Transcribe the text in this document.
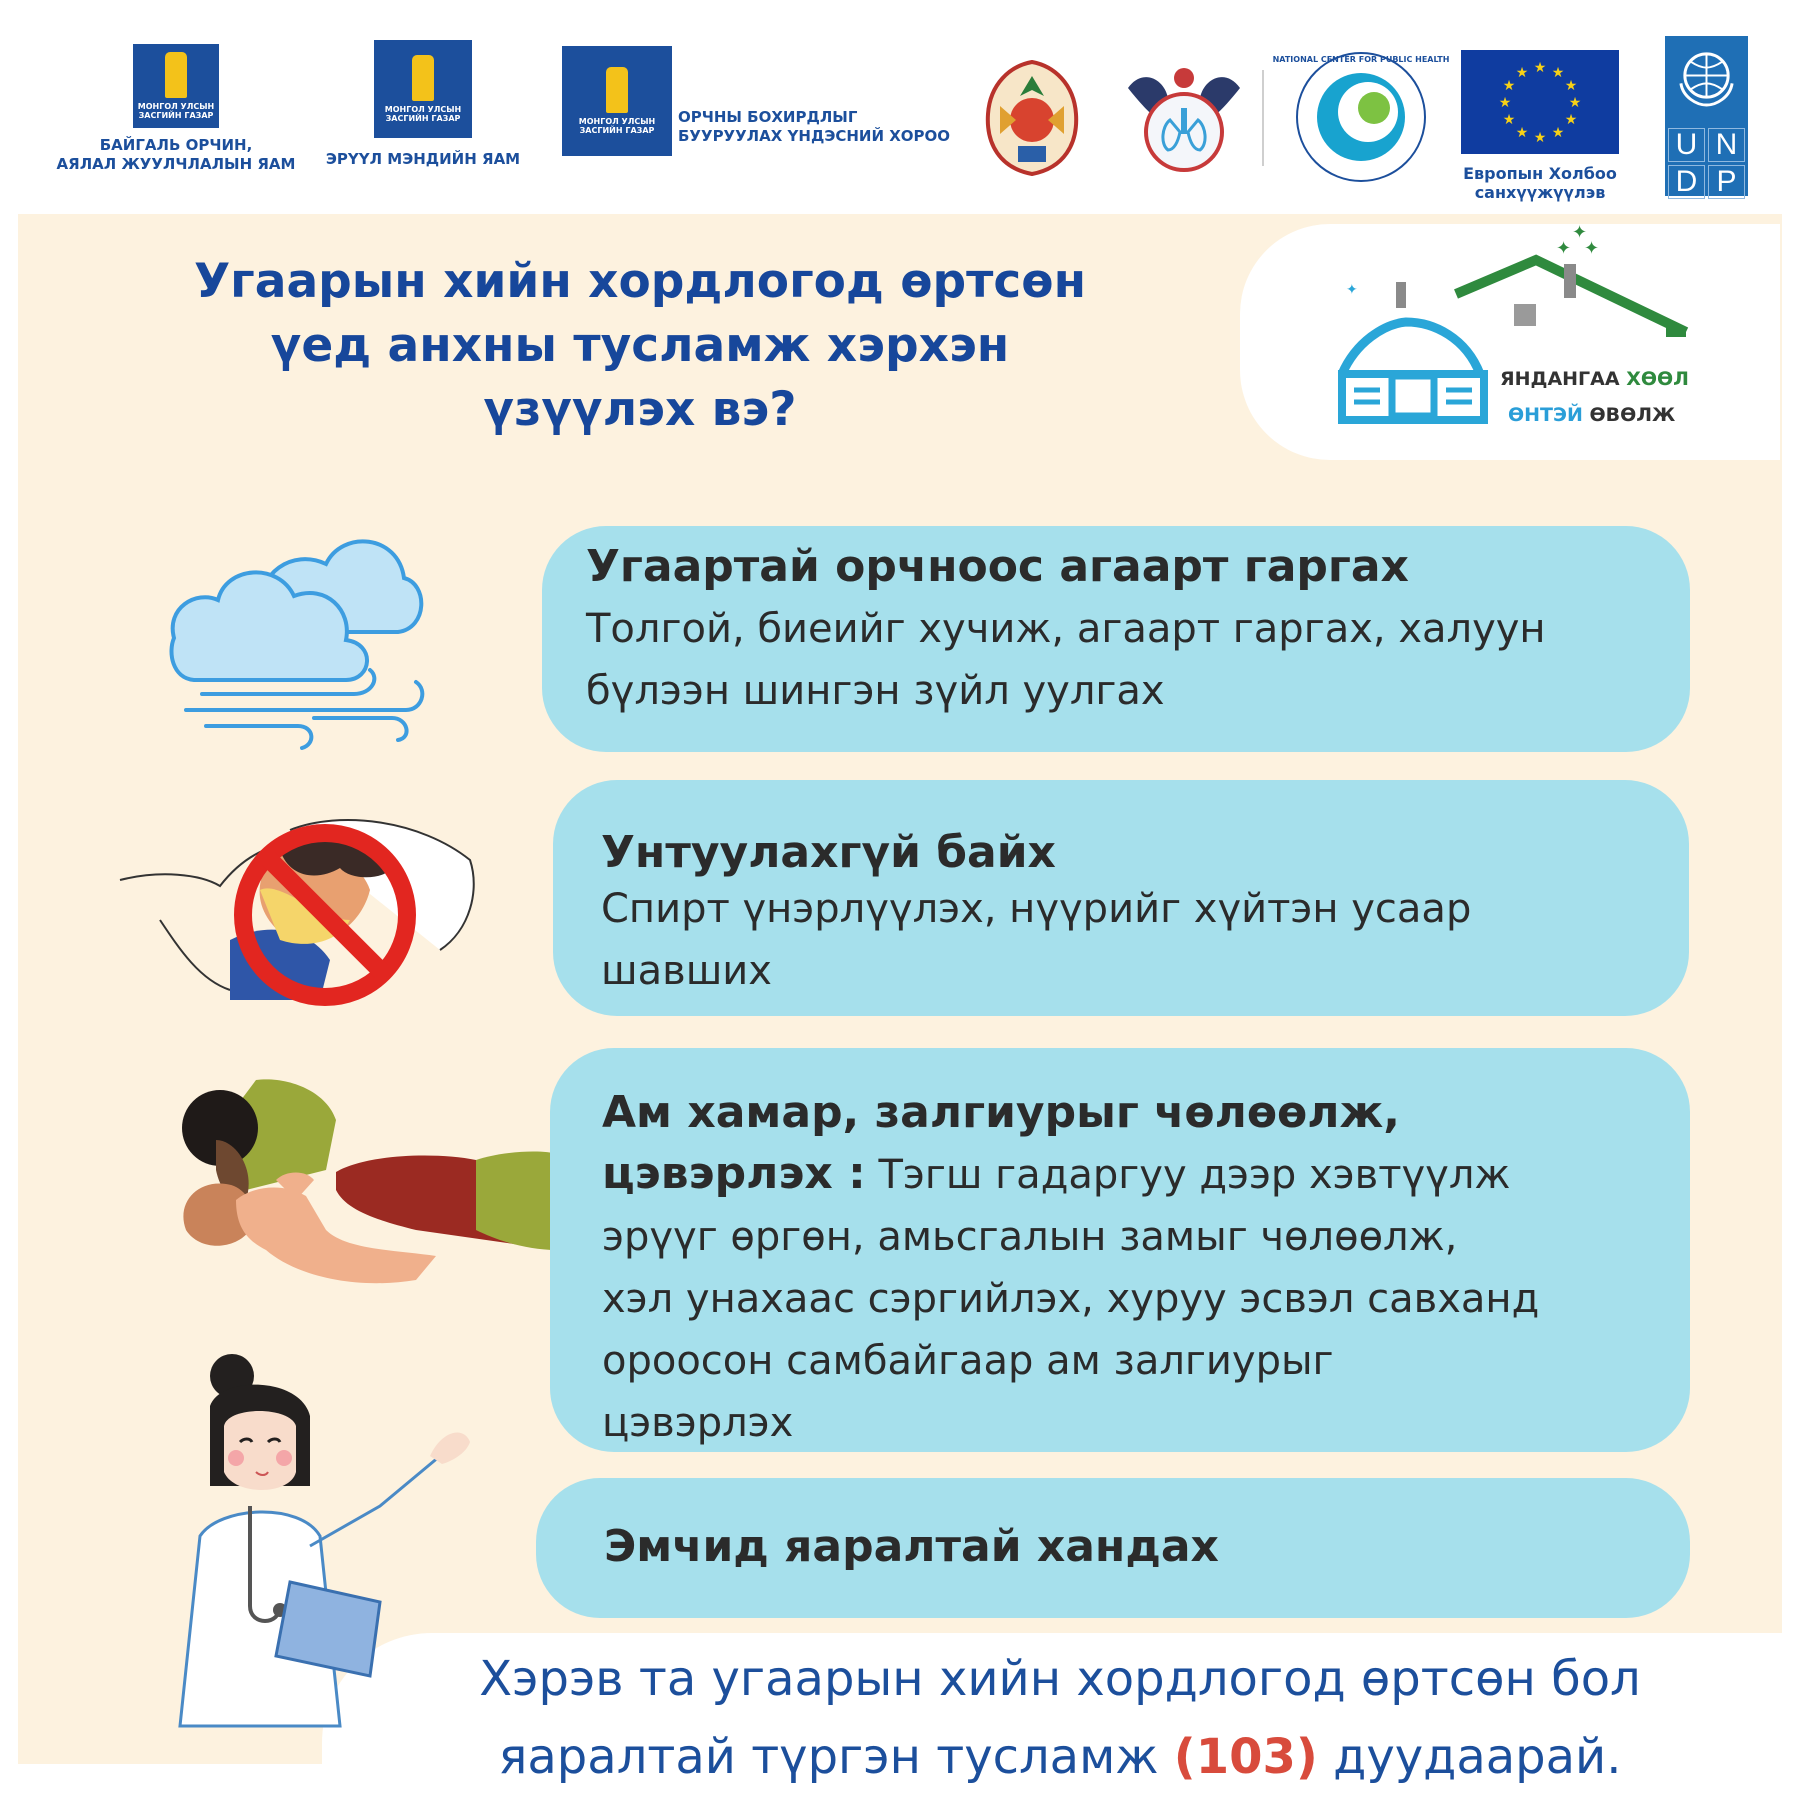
МОНГОЛ УЛСЫН ЗАСГИЙН ГАЗАР
БАЙГАЛЬ ОРЧИН,
АЯЛАЛ ЖУУЛЧЛАЛЫН ЯАМ
МОНГОЛ УЛСЫН ЗАСГИЙН ГАЗАР
ЭРҮҮЛ МЭНДИЙН ЯАМ
МОНГОЛ УЛСЫН ЗАСГИЙН ГАЗАР
ОРЧНЫ БОХИРДЛЫГ
БУУРУУЛАХ ҮНДЭСНИЙ ХОРОО
NATIONAL CENTER FOR PUBLIC HEALTH
★ ★
★
★
★
★
★
★
★
★
★
★
Европын Холбоо
санхүүжүүлэв
U N
D P
Угаарын хийн хордлогод өртсөн
үед анхны тусламж хэрхэн
үзүүлэх вэ?
✦
✦
✦
✦
ЯНДАНГАА ХӨӨЛ
ӨНТЭЙ ӨВӨЛЖ
Угаартай орчноос агаарт гаргах
Толгой, биеийг хучиж, агаарт гаргах, халуун
бүлээн шингэн зүйл уулгах
Унтуулахгүй байх
Спирт үнэрлүүлэх, нүүрийг хүйтэн усаар
шавших
Ам хамар, залгиурыг чөлөөлж,
цэвэрлэх : Тэгш гадаргуу дээр хэвтүүлж
эрүүг өргөн, амьсгалын замыг чөлөөлж,
хэл унахаас сэргийлэх, хуруу эсвэл савханд
ороосон самбайгаар ам залгиурыг
цэвэрлэх
Эмчид яаралтай хандах
Хэрэв та угаарын хийн хордлогод өртсөн бол
яаралтай түргэн тусламж (103) дуудаарай.
